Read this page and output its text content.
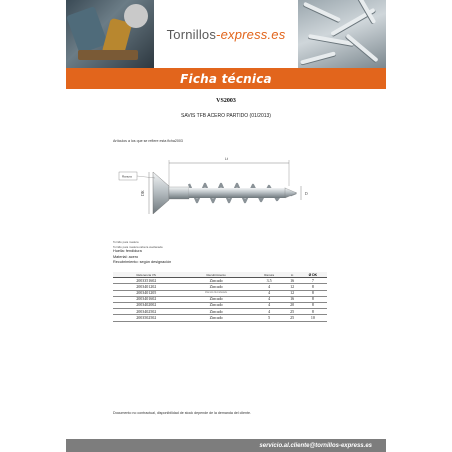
Tornillos-express.es
Ficha técnica
VS2003
SAVIS TFB ACERO PARTIDO (01/2013)
Artículos a los que se refiere esta ficha2003
Lt
DK	D
Ranura
Tornillo para madera
Tornillo para madera cabeza avellanada
Huella: fendidura
Material: acero
Recubrimiento: según designación
Referencia VS	Recubrimiento	Ranura	Lt	Ø DK
2003351602	Zincado	3.5	16	7
2003401202	Zincado	4	12	8
2003401205	Zincado bicromatado	4	12	8
2003401602	Zincado	4	16	8
2003402002	Zincado	4	20	8
2003402502	Zincado	4	25	8
2003502502	Zincado	5	25	10
Documento no contractual, disponibilidad de stock depende de la demanda del cliente.
servicio.al.cliente@tornillos-express.es
